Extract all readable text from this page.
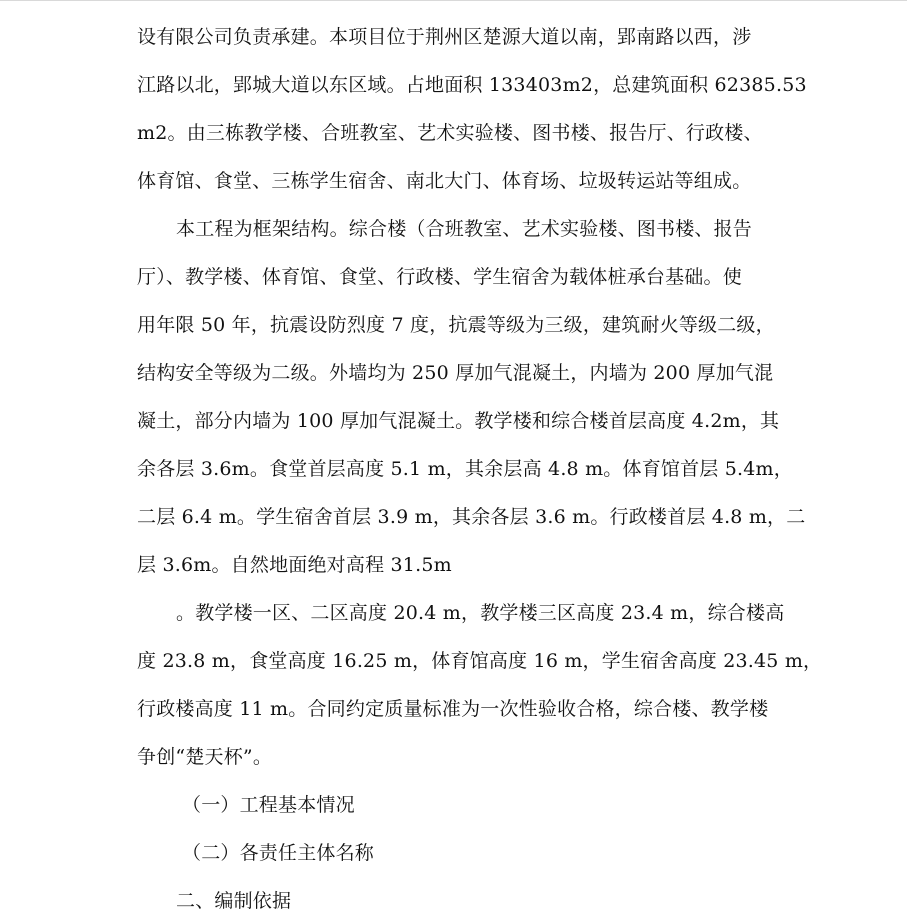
设有限公司负责承建。本项目位于荆州区楚源大道以南，郢南路以西，涉
江路以北，郢城大道以东区域。占地面积 133403m2，总建筑面积 62385.53
m2。由三栋教学楼、合班教室、艺术实验楼、图书楼、报告厅、行政楼、
体育馆、食堂、三栋学生宿舍、南北大门、体育场、垃圾转运站等组成。
本工程为框架结构。综合楼（合班教室、艺术实验楼、图书楼、报告
厅）、教学楼、体育馆、食堂、行政楼、学生宿舍为载体桩承台基础。使
用年限 50 年，抗震设防烈度 7 度，抗震等级为三级，建筑耐火等级二级，
结构安全等级为二级。外墙均为 250 厚加气混凝土，内墙为 200 厚加气混
凝土，部分内墙为 100 厚加气混凝土。教学楼和综合楼首层高度 4.2m，其
余各层 3.6m。食堂首层高度 5.1 m，其余层高 4.8 m。体育馆首层 5.4m，
二层 6.4 m。学生宿舍首层 3.9 m，其余各层 3.6 m。行政楼首层 4.8 m，二
层 3.6m。自然地面绝对高程 31.5m
。教学楼一区、二区高度 20.4 m，教学楼三区高度 23.4 m，综合楼高
度 23.8 m，食堂高度 16.25 m，体育馆高度 16 m，学生宿舍高度 23.45 m，
行政楼高度 11 m。合同约定质量标准为一次性验收合格，综合楼、教学楼
争创“楚天杯”。
（一）工程基本情况
（二）各责任主体名称
二、编制依据
